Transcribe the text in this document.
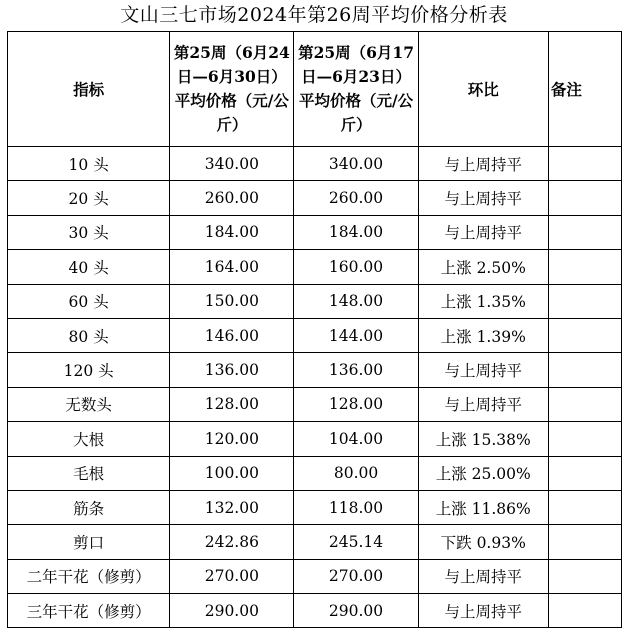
文山三七市场2024年第26周平均价格分析表
指标	第25周（6月24日—6月30日）平均价格（元/公斤）	第25周（6月17日—6月23日）平均价格（元/公斤）	环比	备注
10 头	340.00	340.00	与上周持平	
20 头	260.00	260.00	与上周持平	
30 头	184.00	184.00	与上周持平	
40 头	164.00	160.00	上涨 2.50%	
60 头	150.00	148.00	上涨 1.35%	
80 头	146.00	144.00	上涨 1.39%	
120 头	136.00	136.00	与上周持平	
无数头	128.00	128.00	与上周持平	
大根	120.00	104.00	上涨 15.38%	
毛根	100.00	80.00	上涨 25.00%	
筋条	132.00	118.00	上涨 11.86%	
剪口	242.86	245.14	下跌 0.93%	
二年干花（修剪）	270.00	270.00	与上周持平	
三年干花（修剪）	290.00	290.00	与上周持平	
